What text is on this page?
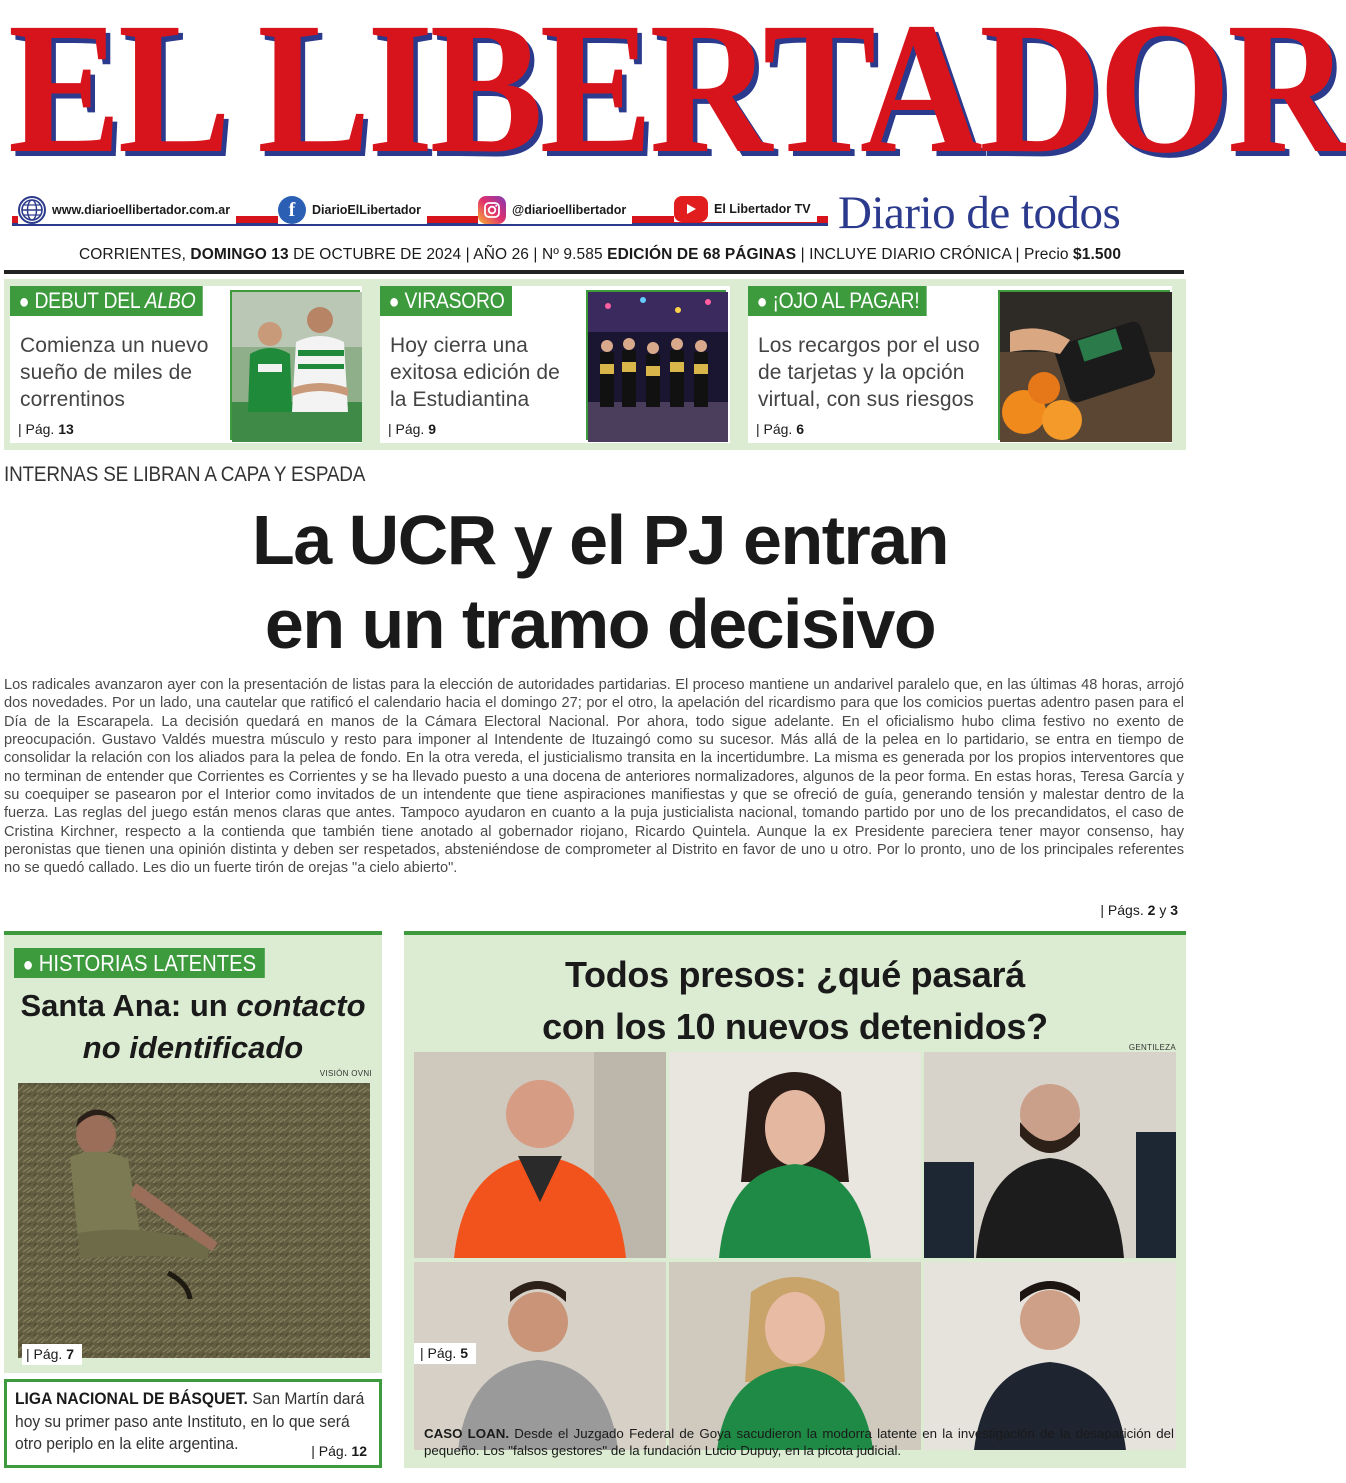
EL LIBERTADOR
www.diarioellibertador.com.ar	f	DiarioElLibertador	@diarioellibertador	El Libertador TV Diario de todos
CORRIENTES, DOMINGO 13 DE OCTUBRE DE 2024 | AÑO 26 | Nº 9.585 EDICIÓN DE 68 PÁGINAS | INCLUYE DIARIO CRÓNICA | Precio $1.500
● DEBUT DEL ALBO
Comienza un nuevo
sueño de miles de
correntinos
| Pág. 13
● VIRASORO
Hoy cierra una
exitosa edición de
la Estudiantina
| Pág. 9
● ¡OJO AL PAGAR!
Los recargos por el uso
de tarjetas y la opción
virtual, con sus riesgos
| Pág. 6
INTERNAS SE LIBRAN A CAPA Y ESPADA
La UCR y el PJ entran
en un tramo decisivo
Los radicales avanzaron ayer con la presentación de listas para la elección de autoridades partidarias. El proceso mantiene un andarivel paralelo que, en las últimas 48 horas, arrojó dos novedades. Por un lado, una cautelar que ratificó el calendario hacia el domingo 27; por el otro, la apelación del ricardismo para que los comicios puertas adentro pasen para el Día de la Escarapela. La decisión quedará en manos de la Cámara Electoral Nacional. Por ahora, todo sigue adelante. En el oficialismo hubo clima festivo no exento de preocupación. Gustavo Valdés muestra músculo y resto para imponer al Intendente de Ituzaingó como su sucesor. Más allá de la pelea en lo partidario, se entra en tiempo de consolidar la relación con los aliados para la pelea de fondo. En la otra vereda, el justicialismo transita en la incertidumbre. La misma es generada por los propios interventores que no terminan de entender que Corrientes es Corrientes y se ha llevado puesto a una docena de anteriores normalizadores, algunos de la peor forma. En estas horas, Teresa García y su coequiper se pasearon por el Interior como invitados de un intendente que tiene aspiraciones manifiestas y que se ofreció de guía, generando tensión y malestar dentro de la fuerza. Las reglas del juego están menos claras que antes. Tampoco ayudaron en cuanto a la puja justicialista nacional, tomando partido por uno de los precandidatos, el caso de Cristina Kirchner, respecto a la contienda que también tiene anotado al gobernador riojano, Ricardo Quintela. Aunque la ex Presidente pareciera tener mayor consenso, hay peronistas que tienen una opinión distinta y deben ser respetados, absteniéndose de comprometer al Distrito en favor de uno u otro. Por lo pronto, uno de los principales referentes no se quedó callado. Les dio un fuerte tirón de orejas "a cielo abierto".
| Págs. 2 y 3
● HISTORIAS LATENTES
Santa Ana: un contacto
no identificado
VISIÓN OVNI
| Pág. 7
LIGA NACIONAL DE BÁSQUET. San Martín dará hoy su primer paso ante Instituto, en lo que será otro periplo en la elite argentina.	| Pág. 12
Todos presos: ¿qué pasará
con los 10 nuevos detenidos?
GENTILEZA
CASO LOAN. Desde el Juzgado Federal de Goya sacudieron la modorra latente en la investigación de la desaparición del pequeño. Los "falsos gestores" de la fundación Lucio Dupuy, en la picota judicial.
| Pág. 5
